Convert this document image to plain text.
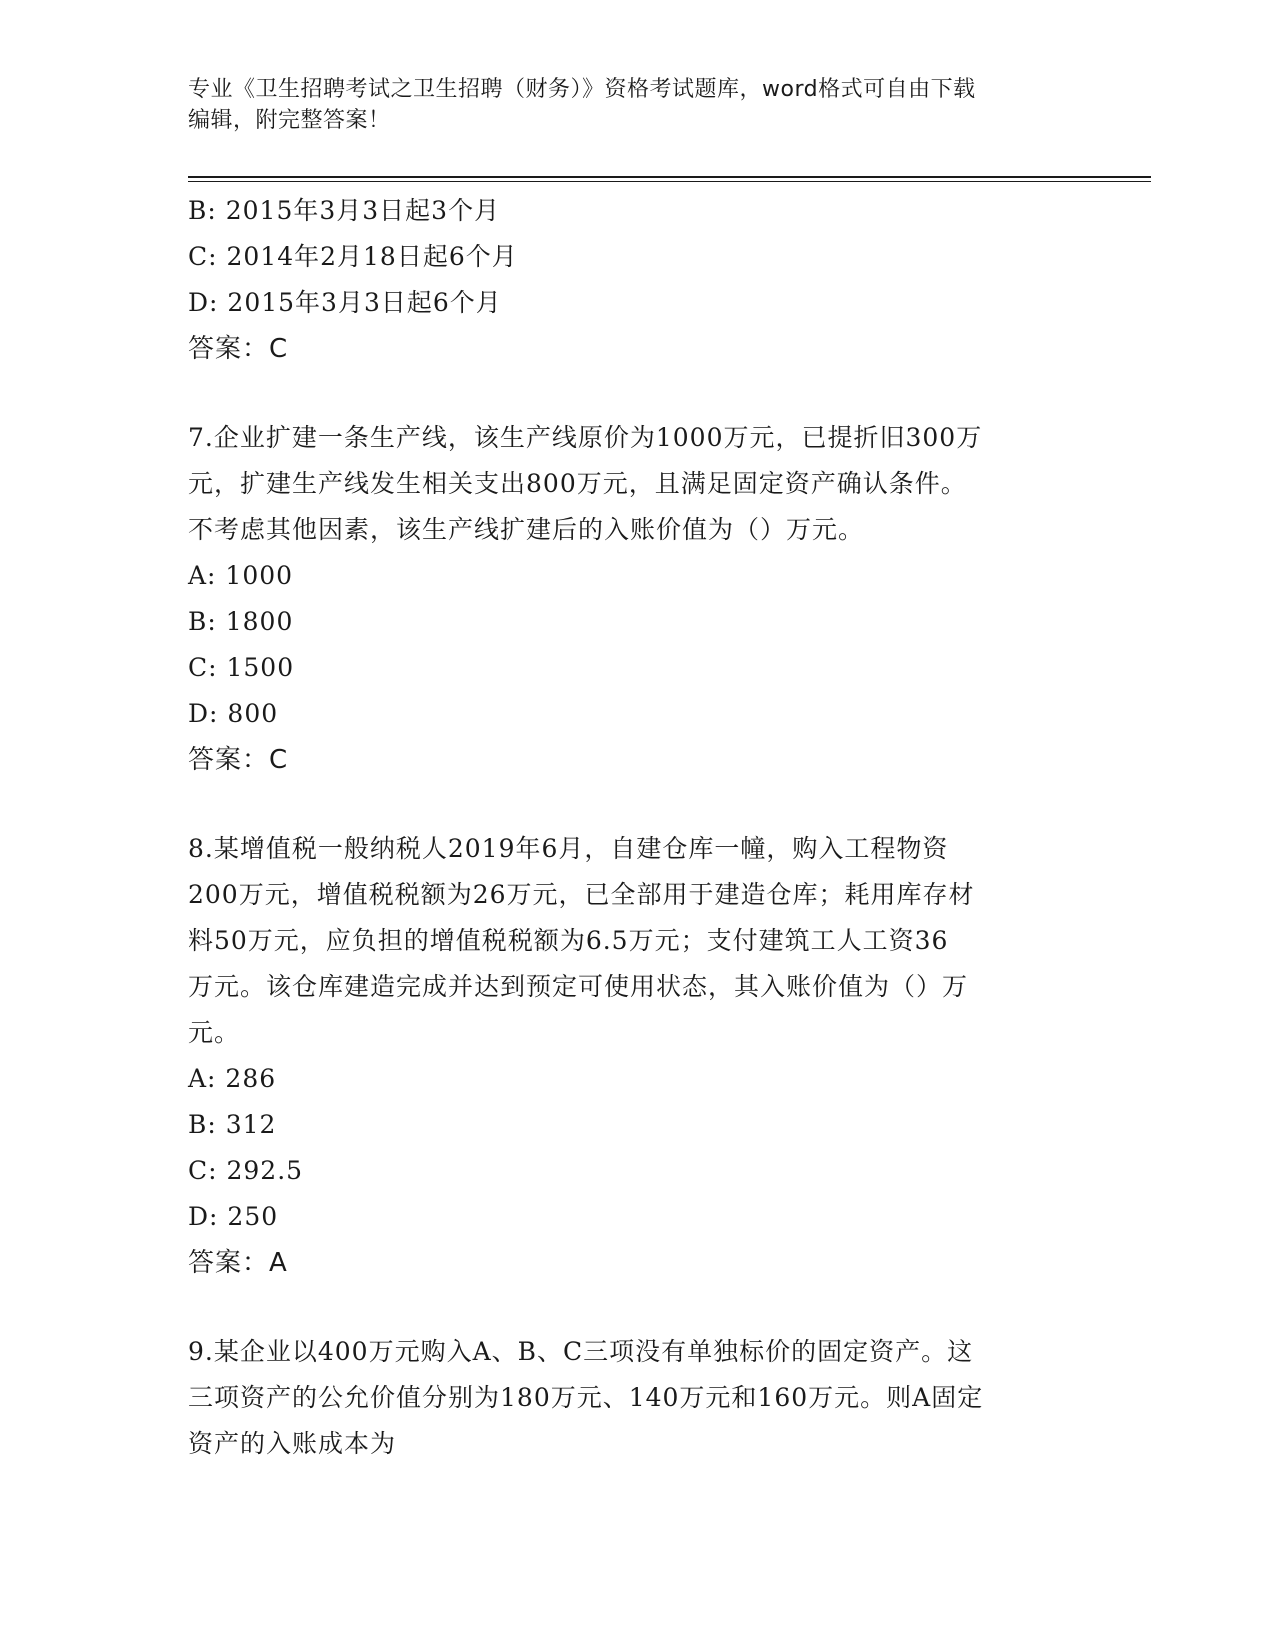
专业《卫生招聘考试之卫生招聘（财务）》资格考试题库，word格式可自由下载
编辑，附完整答案！
B: 2015年3月3日起3个月
C: 2014年2月18日起6个月
D: 2015年3月3日起6个月
答案：C
7.企业扩建一条生产线，该生产线原价为1000万元，已提折旧300万
元，扩建生产线发生相关支出800万元，且满足固定资产确认条件。
不考虑其他因素，该生产线扩建后的入账价值为（）万元。
A: 1000
B: 1800
C: 1500
D: 800
答案：C
8.某增值税一般纳税人2019年6月，自建仓库一幢，购入工程物资
200万元，增值税税额为26万元，已全部用于建造仓库；耗用库存材
料50万元，应负担的增值税税额为6.5万元；支付建筑工人工资36
万元。该仓库建造完成并达到预定可使用状态，其入账价值为（）万
元。
A: 286
B: 312
C: 292.5
D: 250
答案：A
9.某企业以400万元购入A、B、C三项没有单独标价的固定资产。这
三项资产的公允价值分别为180万元、140万元和160万元。则A固定
资产的入账成本为
